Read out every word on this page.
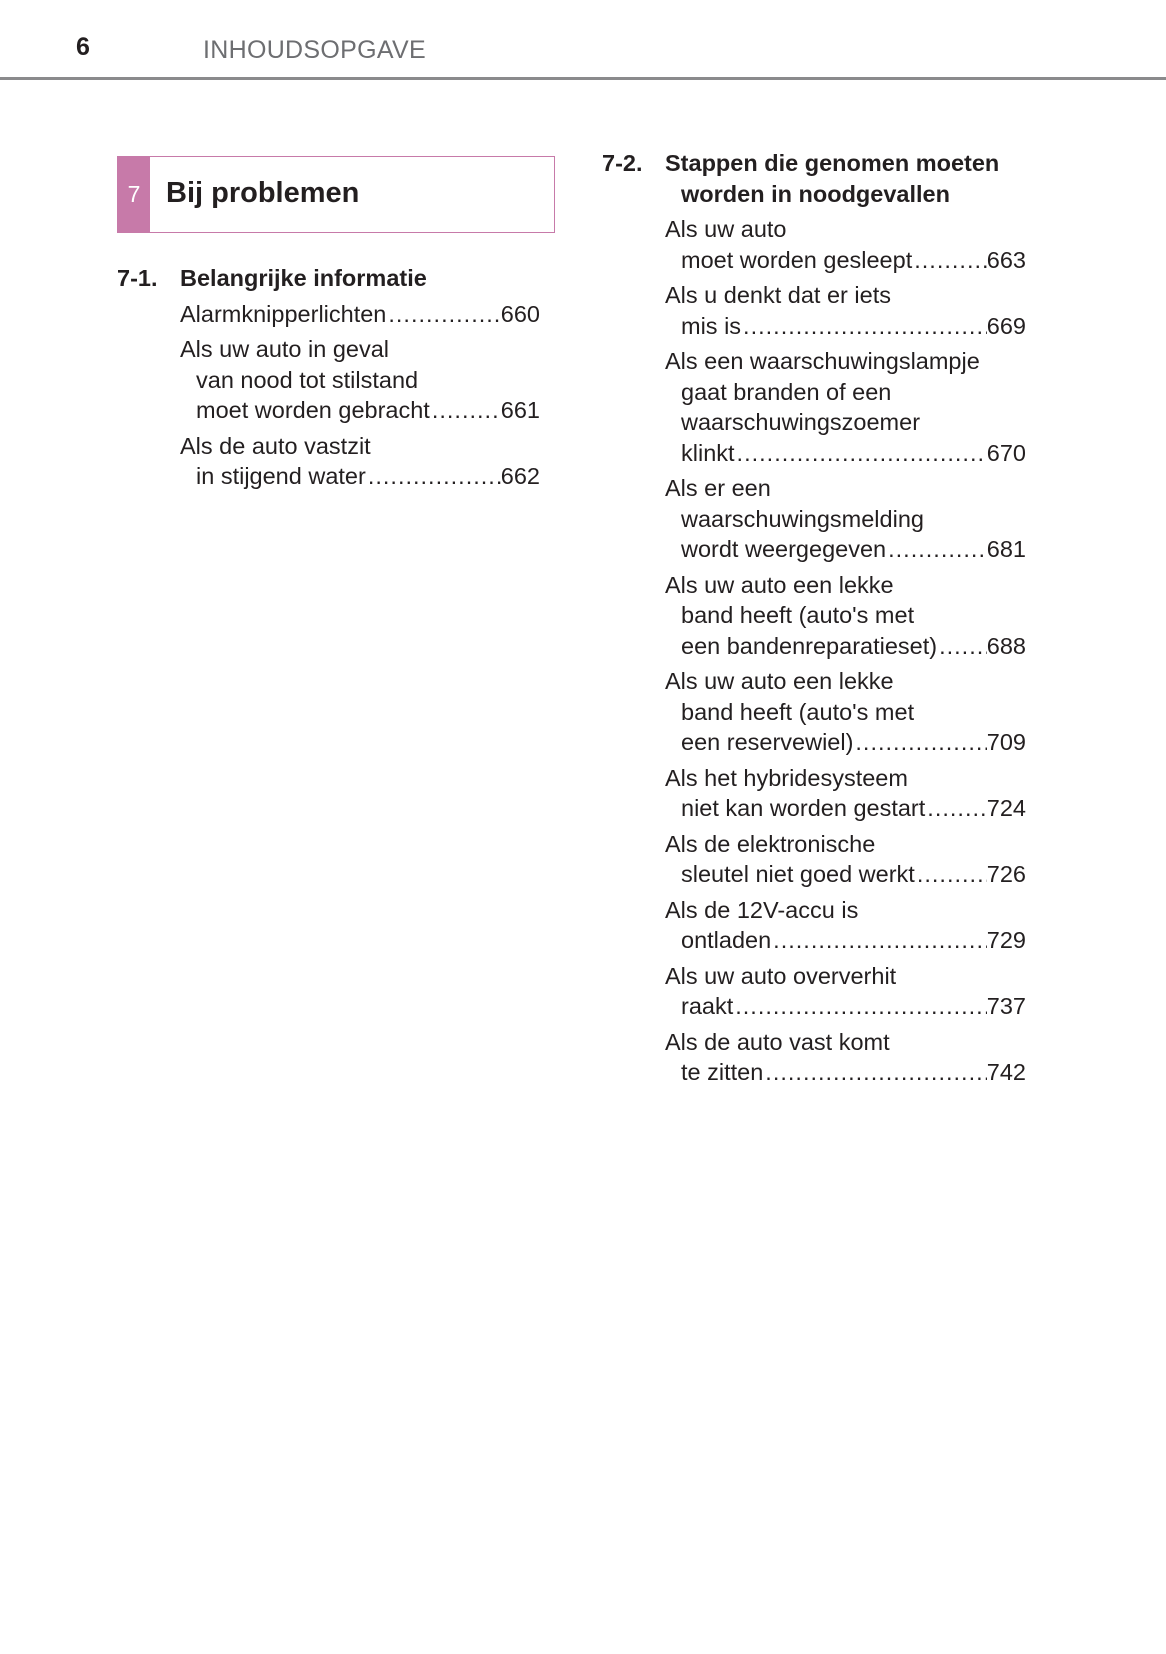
6	INHOUDSOPGAVE
7 Bij problemen
7-1. Belangrijke informatie
Alarmknipperlichten .....	660
Als uw auto in geval
van nood tot stilstand
moet worden gebracht .....	661
Als de auto vastzit
in stijgend water .....	662
7-2. Stappen die genomen moeten
worden in noodgevallen
Als uw auto
moet worden gesleept .....	663
Als u denkt dat er iets
mis is .....	669
Als een waarschuwingslampje
gaat branden of een
waarschuwingszoemer
klinkt .....	670
Als er een
waarschuwingsmelding
wordt weergegeven .....	681
Als uw auto een lekke
band heeft (auto's met
een bandenreparatieset) ..... 688
Als uw auto een lekke
band heeft (auto's met
een reservewiel) .....	709
Als het hybridesysteem
niet kan worden gestart .....	724
Als de elektronische
sleutel niet goed werkt .....	726
Als de 12V-accu is
ontladen .....	729
Als uw auto oververhit
raakt .....	737
Als de auto vast komt
te zitten .....	742
